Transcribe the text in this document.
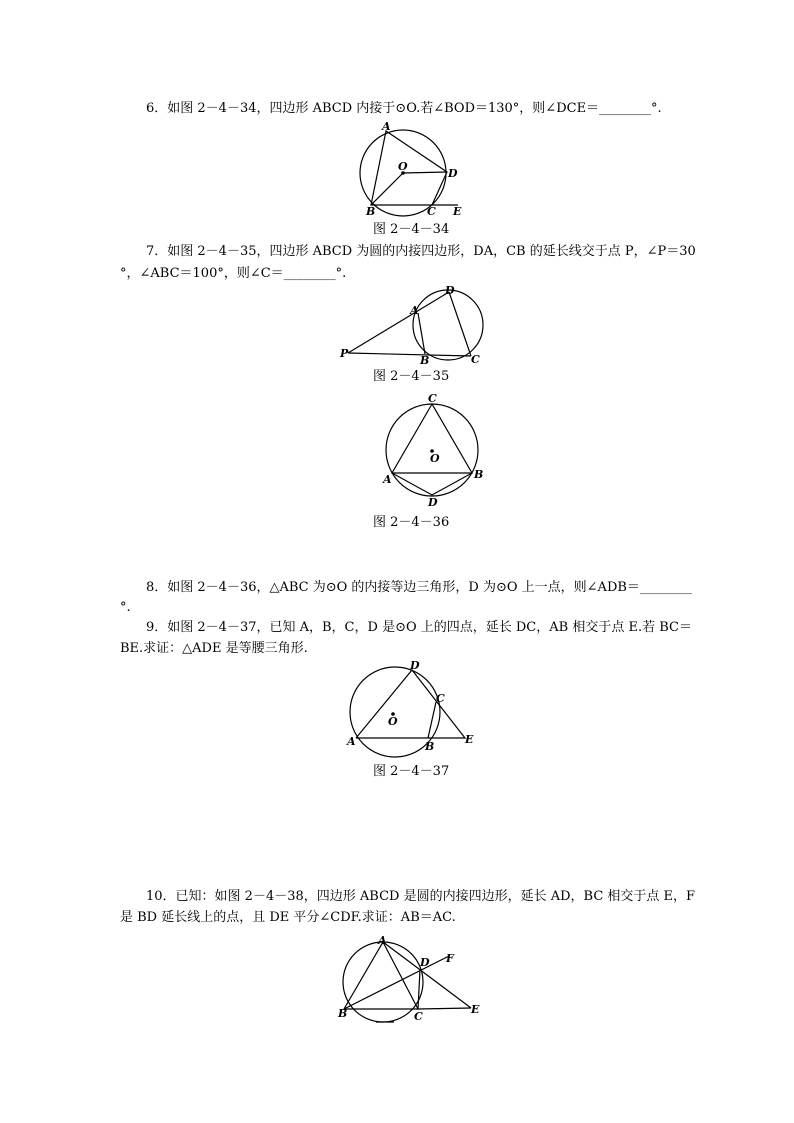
6．如图 2－4－34，四边形 ABCD 内接于⊙O.若∠BOD＝130°，则∠DCE＝________°.
A
O
D
B	C E
图 2－4－34
7．如图 2－4－35，四边形 ABCD 为圆的内接四边形，DA，CB 的延长线交于点 P，∠P＝30
°，∠ABC＝100°，则∠C＝________°.
D
A
P
B	C
图 2－4－35
C
O
A	B
D
图 2－4－36
8．如图 2－4－36，△ABC 为⊙O 的内接等边三角形，D 为⊙O 上一点，则∠ADB＝________
°.
9．如图 2－4－37，已知 A，B，C，D 是⊙O 上的四点，延长 DC，AB 相交于点 E.若 BC＝
BE.求证：△ADE 是等腰三角形.
D
C
O
A	B
E
图 2－4－37
10．已知：如图 2－4－38，四边形 ABCD 是圆的内接四边形，延长 AD，BC 相交于点 E，F
是 BD 延长线上的点，且 DE 平分∠CDF.求证：AB＝AC.
A
D F
B	C
E
